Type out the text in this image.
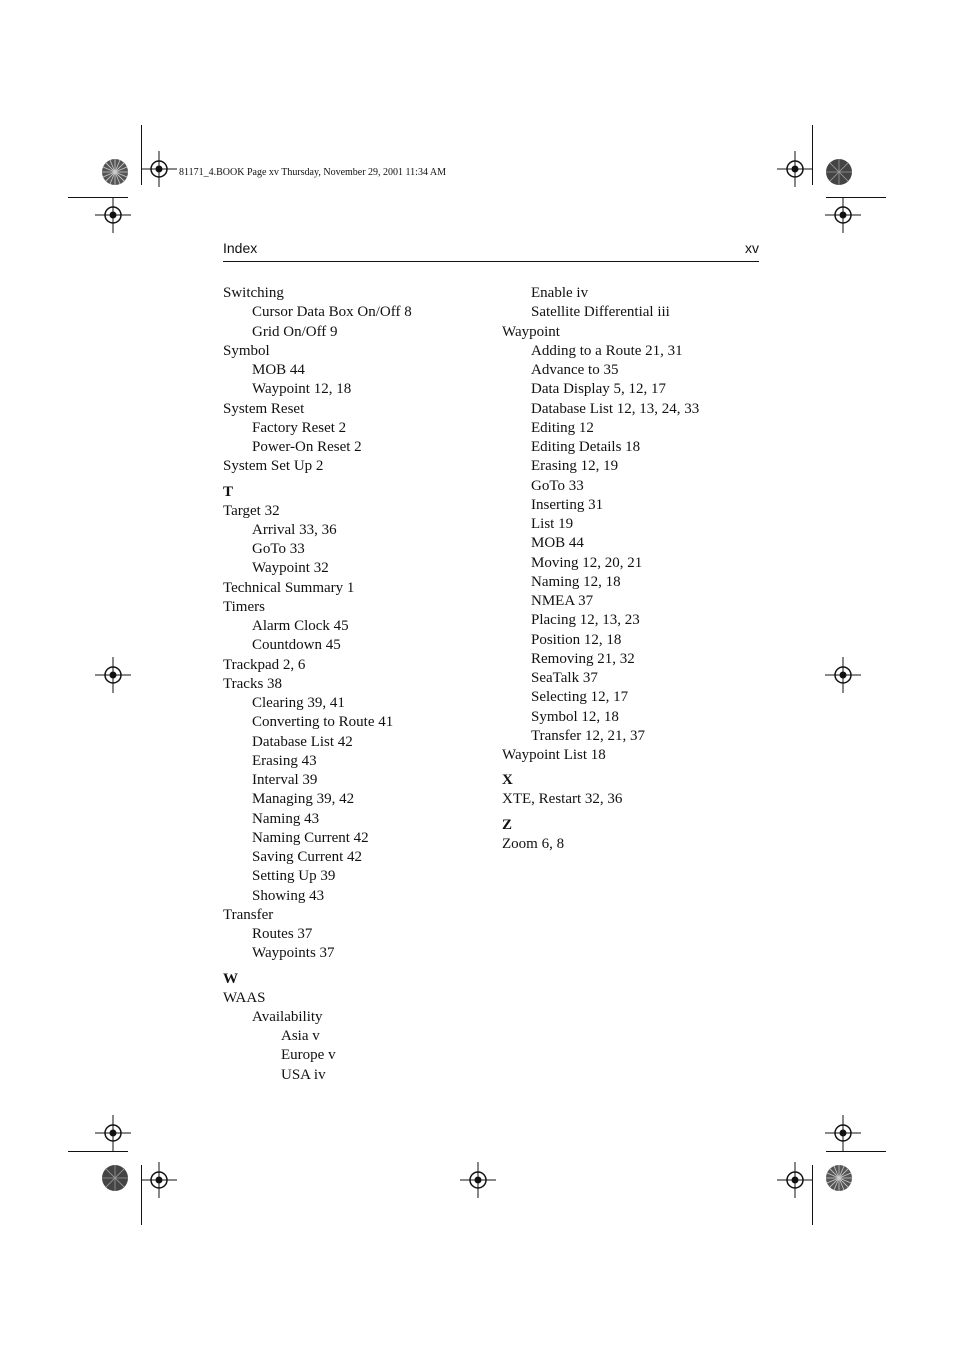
81171_4.BOOK Page xv Thursday, November 29, 2001 11:34 AM
Index	xv
Switching
Cursor Data Box On/Off 8
Grid On/Off 9
Symbol
MOB 44
Waypoint 12, 18
System Reset
Factory Reset 2
Power-On Reset 2
System Set Up 2
T
Target 32
Arrival 33, 36
GoTo 33
Waypoint 32
Technical Summary 1
Timers
Alarm Clock 45
Countdown 45
Trackpad 2, 6
Tracks 38
Clearing 39, 41
Converting to Route 41
Database List 42
Erasing 43
Interval 39
Managing 39, 42
Naming 43
Naming Current 42
Saving Current 42
Setting Up 39
Showing 43
Transfer
Routes 37
Waypoints 37
W
WAAS
Availability
Asia v
Europe v
USA iv
Enable iv
Satellite Differential iii
Waypoint
Adding to a Route 21, 31
Advance to 35
Data Display 5, 12, 17
Database List 12, 13, 24, 33
Editing 12
Editing Details 18
Erasing 12, 19
GoTo 33
Inserting 31
List 19
MOB 44
Moving 12, 20, 21
Naming 12, 18
NMEA 37
Placing 12, 13, 23
Position 12, 18
Removing 21, 32
SeaTalk 37
Selecting 12, 17
Symbol 12, 18
Transfer 12, 21, 37
Waypoint List 18
X
XTE, Restart 32, 36
Z
Zoom 6, 8
